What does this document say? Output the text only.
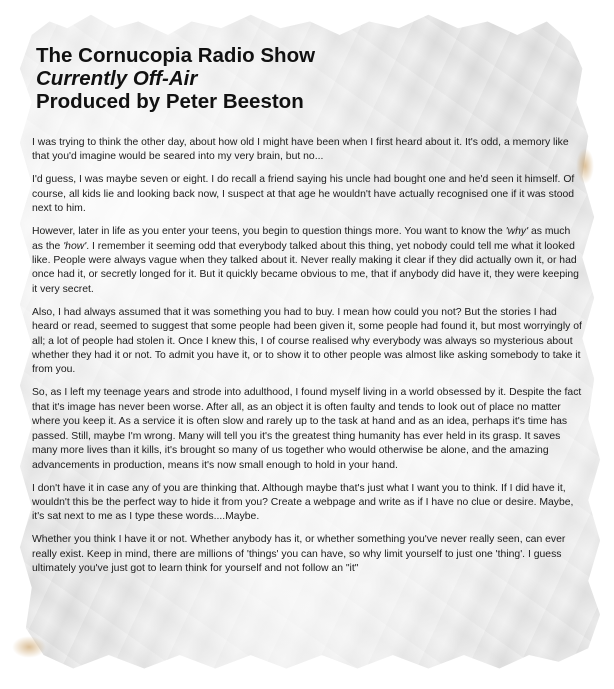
The Cornucopia Radio Show
Currently Off-Air
Produced by Peter Beeston

I was trying to think the other day, about how old I might have been when I first heard about it. It's odd, a memory like that you'd imagine would be seared into my very brain, but no...

I'd guess, I was maybe seven or eight. I do recall a friend saying his uncle had bought one and he'd seen it himself. Of course, all kids lie and looking back now, I suspect at that age he wouldn't have actually recognised one if it was stood next to him.

However, later in life as you enter your teens, you begin to question things more. You want to know the 'why' as much as the 'how'. I remember it seeming odd that everybody talked about this thing, yet nobody could tell me what it looked like. People were always vague when they talked about it. Never really making it clear if they did actually own it, or had once had it, or secretly longed for it. But it quickly became obvious to me, that if anybody did have it, they were keeping it very secret.

Also, I had always assumed that it was something you had to buy. I mean how could you not? But the stories I had heard or read, seemed to suggest that some people had been given it, some people had found it, but most worryingly of all; a lot of people had stolen it. Once I knew this, I of course realised why everybody was always so mysterious about whether they had it or not. To admit you have it, or to show it to other people was almost like asking somebody to take it from you.

So, as I left my teenage years and strode into adulthood, I found myself living in a world obsessed by it. Despite the fact that it's image has never been worse. After all, as an object it is often faulty and tends to look out of place no matter where you keep it. As a service it is often slow and rarely up to the task at hand and as an idea, perhaps it's time has passed. Still, maybe I'm wrong. Many will tell you it's the greatest thing humanity has ever held in its grasp. It saves many more lives than it kills, it's brought so many of us together who would otherwise be alone, and the amazing advancements in production, means it's now small enough to hold in your hand.

I don't have it in case any of you are thinking that. Although maybe that's just what I want you to think. If I did have it, wouldn't this be the perfect way to hide it from you? Create a webpage and write as if I have no clue or desire. Maybe, it's sat next to me as I type these words....Maybe.

Whether you think I have it or not. Whether anybody has it, or whether something you've never really seen, can ever really exist. Keep in mind, there are millions of 'things' you can have, so why limit yourself to just one 'thing'. I guess ultimately you've just got to learn think for yourself and not follow an "it"
